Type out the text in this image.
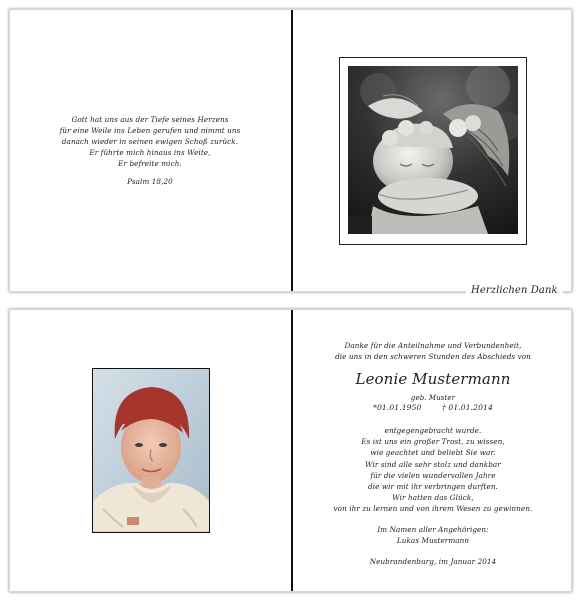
Gott hat uns aus der Tiefe seines Herzens
für eine Weile ins Leben gerufen und nimmt uns
danach wieder in seinen ewigen Schoß zurück.
Er führte mich hinaus ins Weite,
Er befreite mich.
Psalm 18,20
Herzlichen Dank
Danke für die Anteilnahme und Verbundenheit,
die uns in den schweren Stunden des Abschieds von
Leonie Mustermann
geb. Muster
*01.01.1950	† 01.01.2014
entgegengebracht wurde.
Es ist uns ein großer Trost, zu wissen,
wie geachtet und beliebt Sie war.
Wir sind alle sehr stolz und dankbar
für die vielen wundervollen Jahre
die wir mit ihr verbringen durften.
Wir hatten das Glück,
von ihr zu lernen und von ihrem Wesen zu gewinnen.
Im Namen aller Angehörigen:
Lukas Mustermann
Neubrandenburg, im Januar 2014
